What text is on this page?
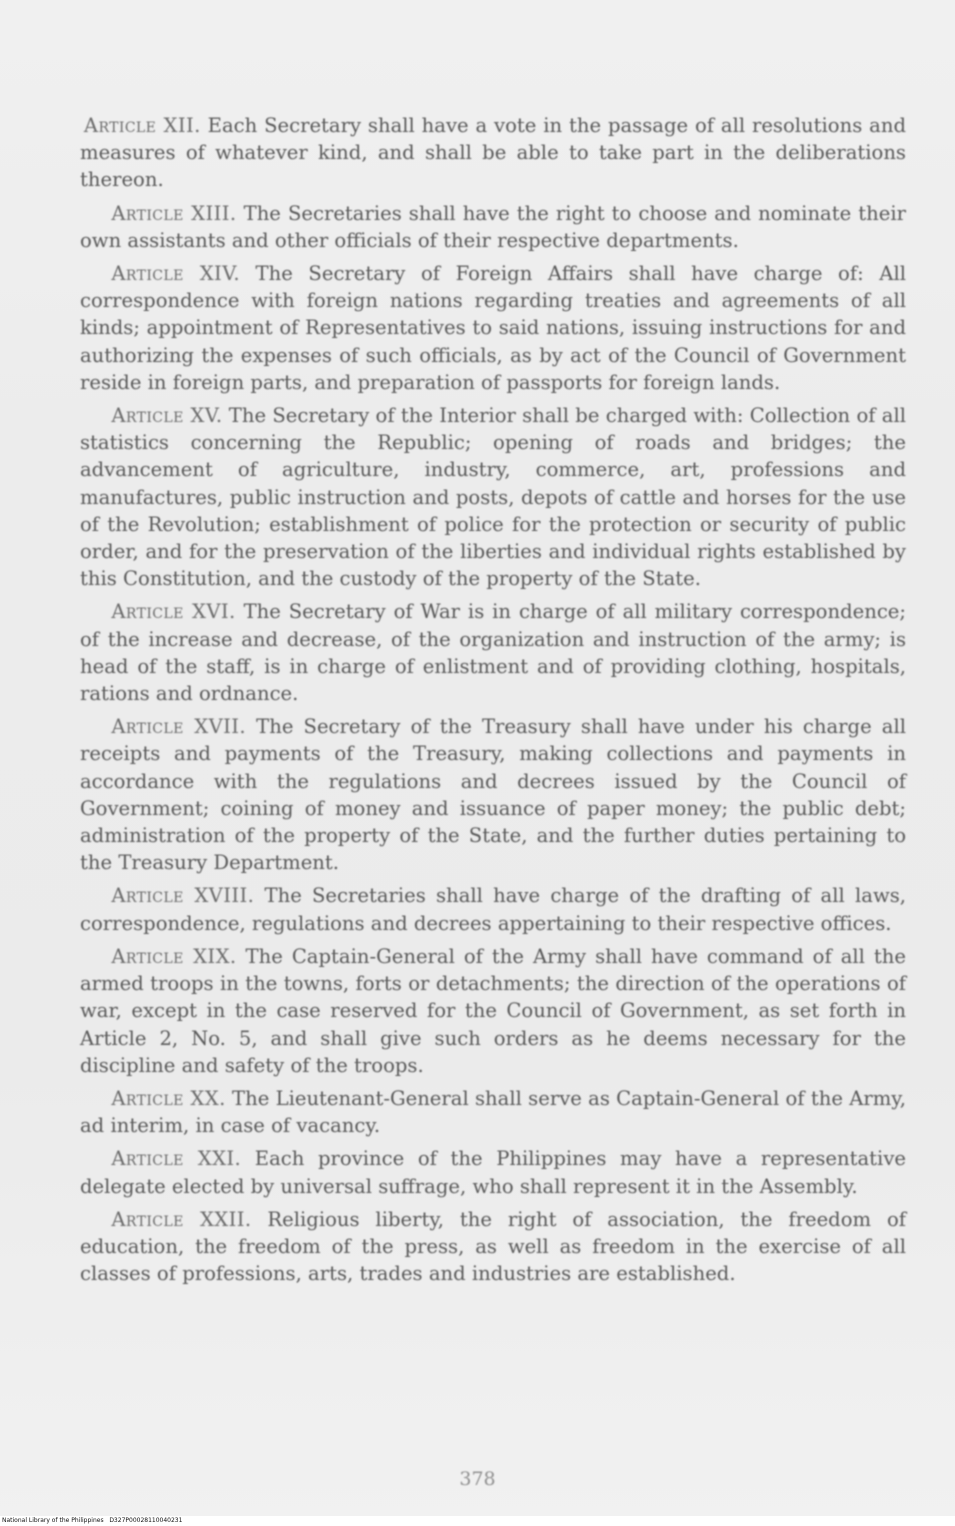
Article XII. Each Secretary shall have a vote in the passage of all resolutions and measures of whatever kind, and shall be able to take part in the deliberations thereon.

Article XIII. The Secretaries shall have the right to choose and nominate their own assistants and other officials of their respective departments.

Article XIV. The Secretary of Foreign Affairs shall have charge of: All correspondence with foreign nations regarding treaties and agreements of all kinds; appointment of Representatives to said nations, issuing instructions for and authorizing the expenses of such officials, as by act of the Council of Government reside in foreign parts, and preparation of passports for foreign lands.

Article XV. The Secretary of the Interior shall be charged with: Collection of all statistics concerning the Republic; opening of roads and bridges; the advancement of agriculture, industry, commerce, art, professions and manufactures, public instruction and posts, depots of cattle and horses for the use of the Revolution; establishment of police for the protection or security of public order, and for the preservation of the liberties and individual rights established by this Constitution, and the custody of the property of the State.

Article XVI. The Secretary of War is in charge of all military correspondence; of the increase and decrease, of the organization and instruction of the army; is head of the staff, is in charge of enlistment and of providing clothing, hospitals, rations and ordnance.

Article XVII. The Secretary of the Treasury shall have under his charge all receipts and payments of the Treasury, making collections and payments in accordance with the regulations and decrees issued by the Council of Government; coining of money and issuance of paper money; the public debt; administration of the property of the State, and the further duties pertaining to the Treasury Department.

Article XVIII. The Secretaries shall have charge of the drafting of all laws, correspondence, regulations and decrees appertaining to their respective offices.

Article XIX. The Captain-General of the Army shall have command of all the armed troops in the towns, forts or detachments; the direction of the operations of war, except in the case reserved for the Council of Government, as set forth in Article 2, No. 5, and shall give such orders as he deems necessary for the discipline and safety of the troops.

Article XX. The Lieutenant-General shall serve as Captain-General of the Army, ad interim, in case of vacancy.

Article XXI. Each province of the Philippines may have a representative delegate elected by universal suffrage, who shall represent it in the Assembly.

Article XXII. Religious liberty, the right of association, the freedom of education, the freedom of the press, as well as freedom in the exercise of all classes of professions, arts, trades and industries are established.

378
National Library of the Philippines D327P00028110040231
